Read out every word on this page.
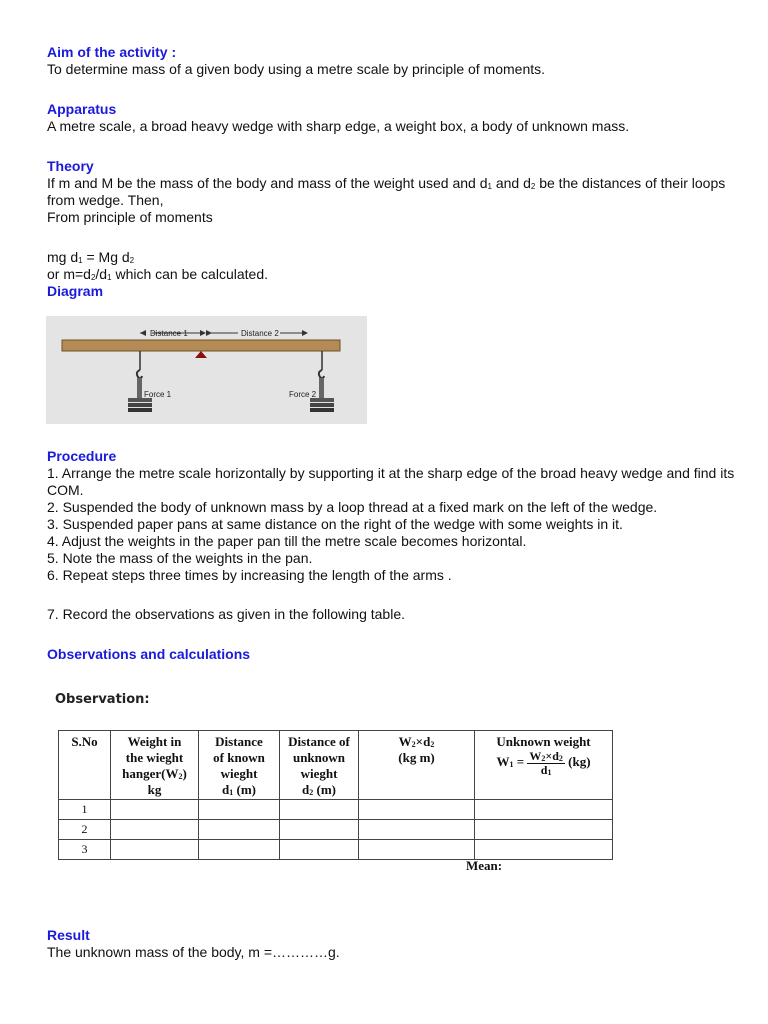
Aim of the activity :

To determine mass of a given body using a metre scale by principle of moments.

Apparatus

A metre scale, a broad heavy wedge with sharp edge, a weight box, a body of unknown mass.

Theory

If m and M be the mass of the body and mass of the weight used and $d_1$ and $d_2$ be the distances of their loops from wedge. Then,

From principle of moments

mg $d_1 = Mg$ $d_2$

or $m=d_2/d_1$ which can be calculated.

Diagram

Distance 1	Distance 2
Force 1	Force 2

Procedure

1. Arrange the metre scale horizontally by supporting it at the sharp edge of the broad heavy wedge and find its COM.

2. Suspended the body of unknown mass by a loop thread at a fixed mark on the left of the wedge.

3. Suspended paper pans at same distance on the right of the wedge with some weights in it.

4. Adjust the weights in the paper pan till the metre scale becomes horizontal.

5. Note the mass of the weights in the pan.

6. Repeat steps three times by increasing the length of the arms .

7. Record the observations as given in the following table.

Observations and calculations

Observation:
S.No	Weight in
the wieght
$hanger(W_2)$
kg	Distance
of known
wieght
$d_1$ (m)	Distance of
unknown
wieght
$d_2$ (m)	$W_2\times d_2$
(kg m)	Unknown weight
$W_1 = \frac{W_2\times d_2}{d_1} (kg)$
1					
2					
3					
Mean:

Result

The unknown mass of the body, m =…………g.
